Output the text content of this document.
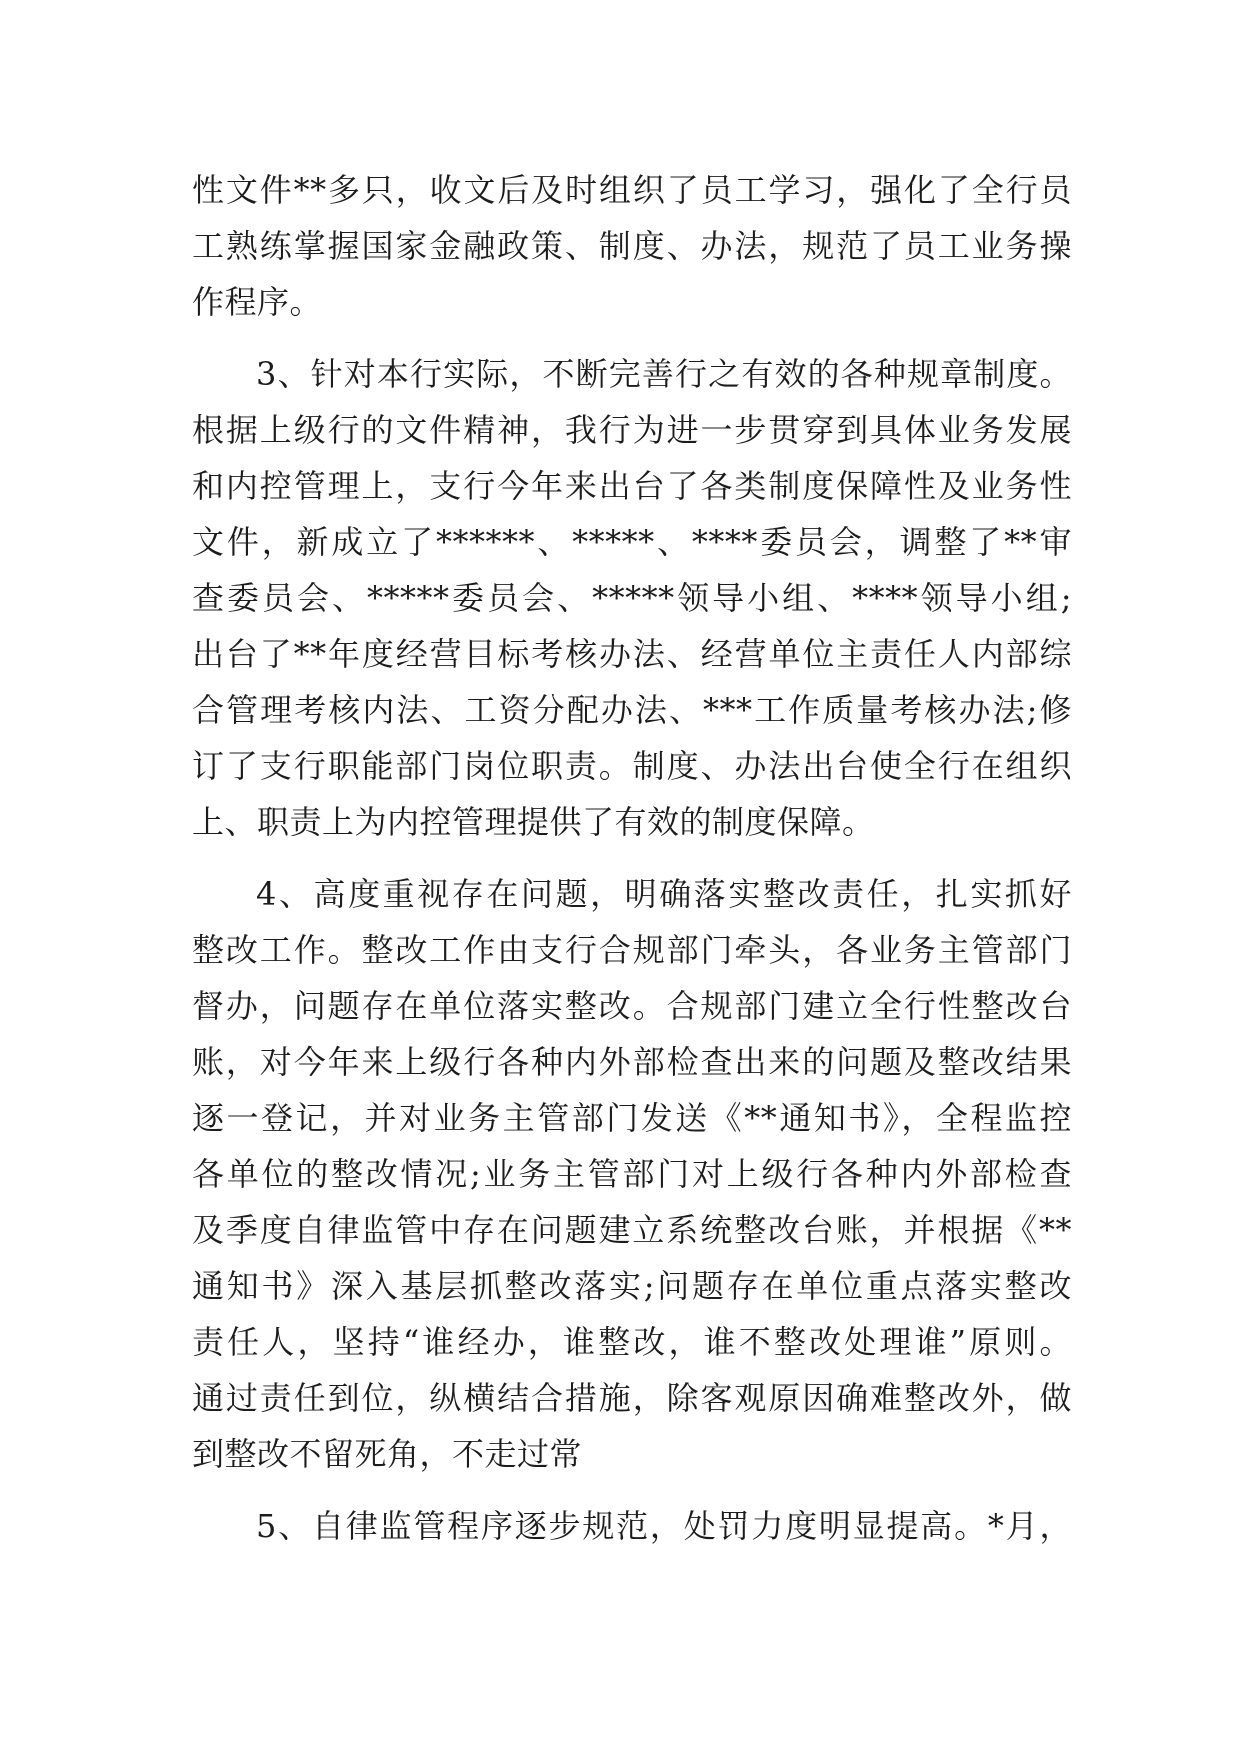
性文件**多只，收文后及时组织了员工学习，强化了全行员
工熟练掌握国家金融政策、制度、办法，规范了员工业务操
作程序。
3、针对本行实际，不断完善行之有效的各种规章制度。
根据上级行的文件精神，我行为进一步贯穿到具体业务发展
和内控管理上，支行今年来出台了各类制度保障性及业务性
文件，新成立了******、*****、****委员会，调整了**审
查委员会、*****委员会、*****领导小组、****领导小组;
出台了**年度经营目标考核办法、经营单位主责任人内部综
合管理考核内法、工资分配办法、***工作质量考核办法;修
订了支行职能部门岗位职责。制度、办法出台使全行在组织
上、职责上为内控管理提供了有效的制度保障。
4、高度重视存在问题，明确落实整改责任，扎实抓好
整改工作。整改工作由支行合规部门牵头，各业务主管部门
督办，问题存在单位落实整改。合规部门建立全行性整改台
账，对今年来上级行各种内外部检查出来的问题及整改结果
逐一登记，并对业务主管部门发送《**通知书》，全程监控
各单位的整改情况;业务主管部门对上级行各种内外部检查
及季度自律监管中存在问题建立系统整改台账，并根据《**
通知书》深入基层抓整改落实;问题存在单位重点落实整改
责任人，坚持“谁经办，谁整改，谁不整改处理谁”原则。
通过责任到位，纵横结合措施，除客观原因确难整改外，做
到整改不留死角，不走过常
5、自律监管程序逐步规范，处罚力度明显提高。*月，
